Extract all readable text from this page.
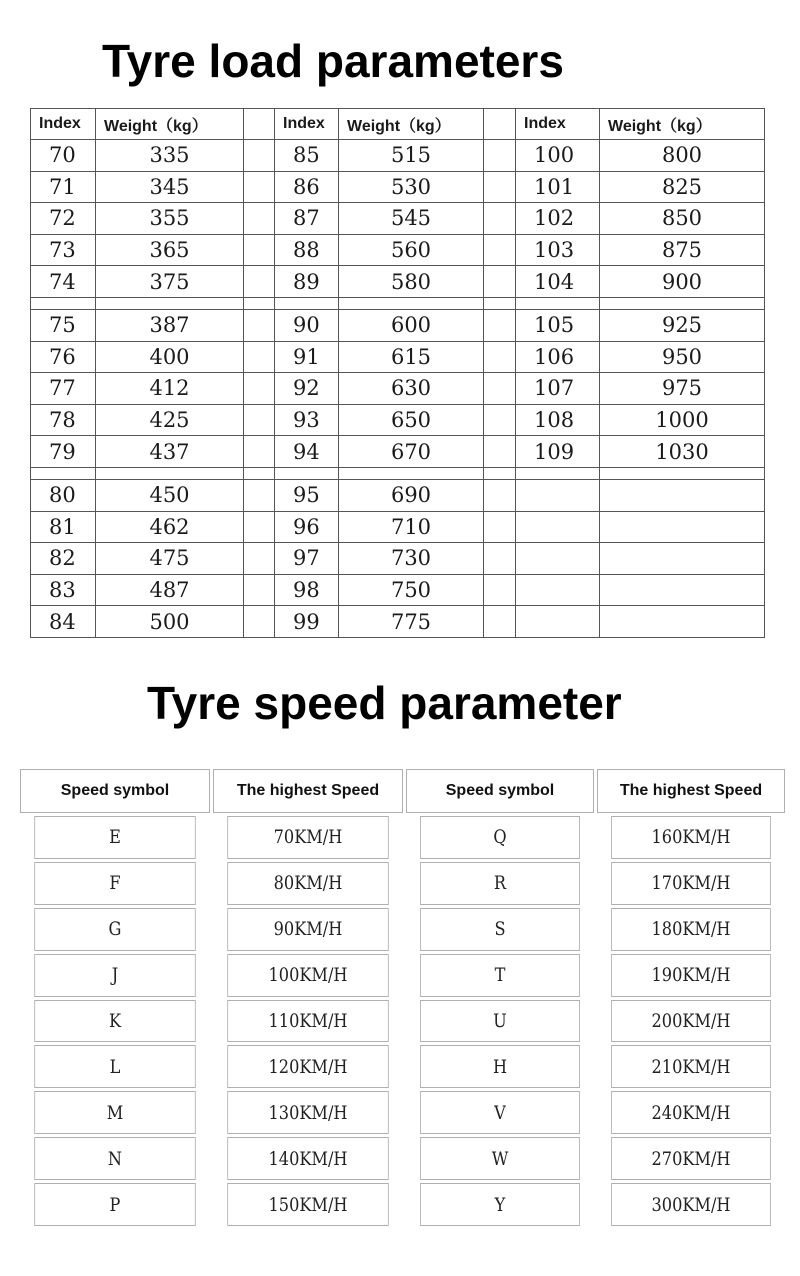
Tyre load parameters
Index	Weight（kg）		Index	Weight（kg）		Index	Weight（kg）
70	335		85	515		100	800
71	345		86	530		101	825
72	355		87	545		102	850
73	365		88	560		103	875
74	375		89	580		104	900

75	387		90	600		105	925
76	400		91	615		106	950
77	412		92	630		107	975
78	425		93	650		108	1000
79	437		94	670		109	1030

80	450		95	690			
81	462		96	710			
82	475		97	730			
83	487		98	750			
84	500		99	775			
Tyre speed parameter
Speed symbol	The highest Speed	Speed symbol	The highest Speed
E	70KM/H	Q	160KM/H
F	80KM/H	R	170KM/H
G	90KM/H	S	180KM/H
J	100KM/H	T	190KM/H
K	110KM/H	U	200KM/H
L	120KM/H	H	210KM/H
M	130KM/H	V	240KM/H
N	140KM/H	W	270KM/H
P	150KM/H	Y	300KM/H
